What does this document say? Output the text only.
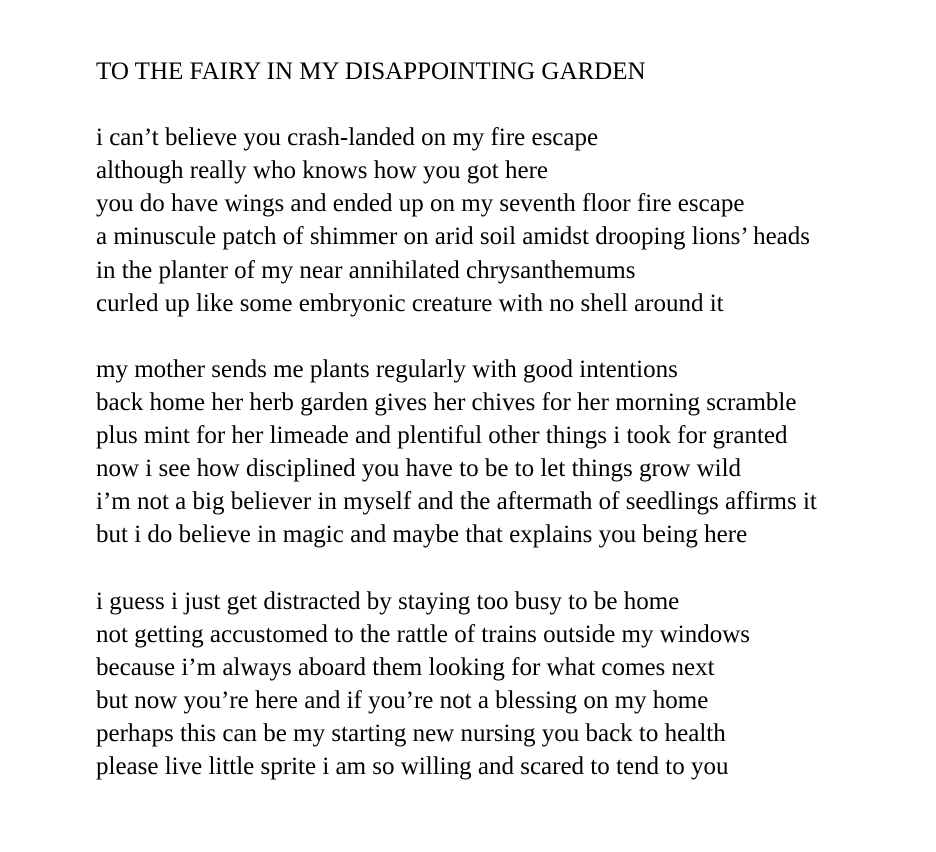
TO THE FAIRY IN MY DISAPPOINTING GARDEN
i can’t believe you crash-landed on my fire escape
although really who knows how you got here
you do have wings and ended up on my seventh floor fire escape
a minuscule patch of shimmer on arid soil amidst drooping lions’ heads
in the planter of my near annihilated chrysanthemums
curled up like some embryonic creature with no shell around it
my mother sends me plants regularly with good intentions
back home her herb garden gives her chives for her morning scramble
plus mint for her limeade and plentiful other things i took for granted
now i see how disciplined you have to be to let things grow wild
i’m not a big believer in myself and the aftermath of seedlings affirms it
but i do believe in magic and maybe that explains you being here
i guess i just get distracted by staying too busy to be home
not getting accustomed to the rattle of trains outside my windows
because i’m always aboard them looking for what comes next
but now you’re here and if you’re not a blessing on my home
perhaps this can be my starting new nursing you back to health
please live little sprite i am so willing and scared to tend to you
